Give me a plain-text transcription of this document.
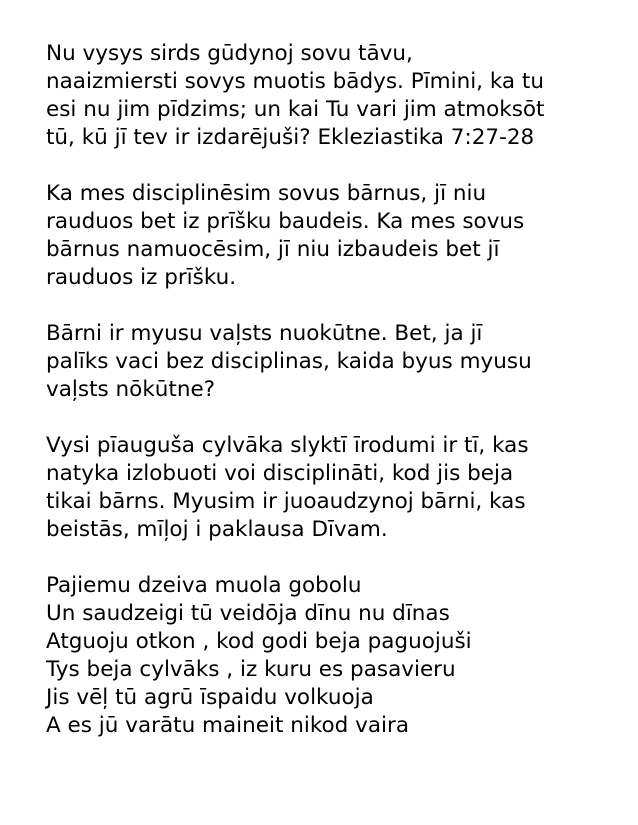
Nu vysys sirds gūdynoj sovu tāvu,
naaizmiersti sovys muotis bādys. Pīmini, ka tu
esi nu jim pīdzims; un kai Tu vari jim atmoksōt
tū, kū jī tev ir izdarējuši? Ekleziastika 7:27-28
Ka mes disciplinēsim sovus bārnus, jī niu
rauduos bet iz prīšku baudeis. Ka mes sovus
bārnus namuocēsim, jī niu izbaudeis bet jī
rauduos iz prīšku.
Bārni ir myusu vaļsts nuokūtne. Bet, ja jī
palīks vaci bez disciplinas, kaida byus myusu
vaļsts nōkūtne?
Vysi pīauguša cylvāka slyktī īrodumi ir tī, kas
natyka izlobuoti voi disciplināti, kod jis beja
tikai bārns. Myusim ir juoaudzynoj bārni, kas
beistās, mīļoj i paklausa Dīvam.
Pajiemu dzeiva muola gobolu
Un saudzeigi tū veidōja dīnu nu dīnas
Atguoju otkon , kod godi beja paguojuši
Tys beja cylvāks , iz kuru es pasavieru
Jis vēļ tū agrū īspaidu volkuoja
A es jū varātu maineit nikod vaira
